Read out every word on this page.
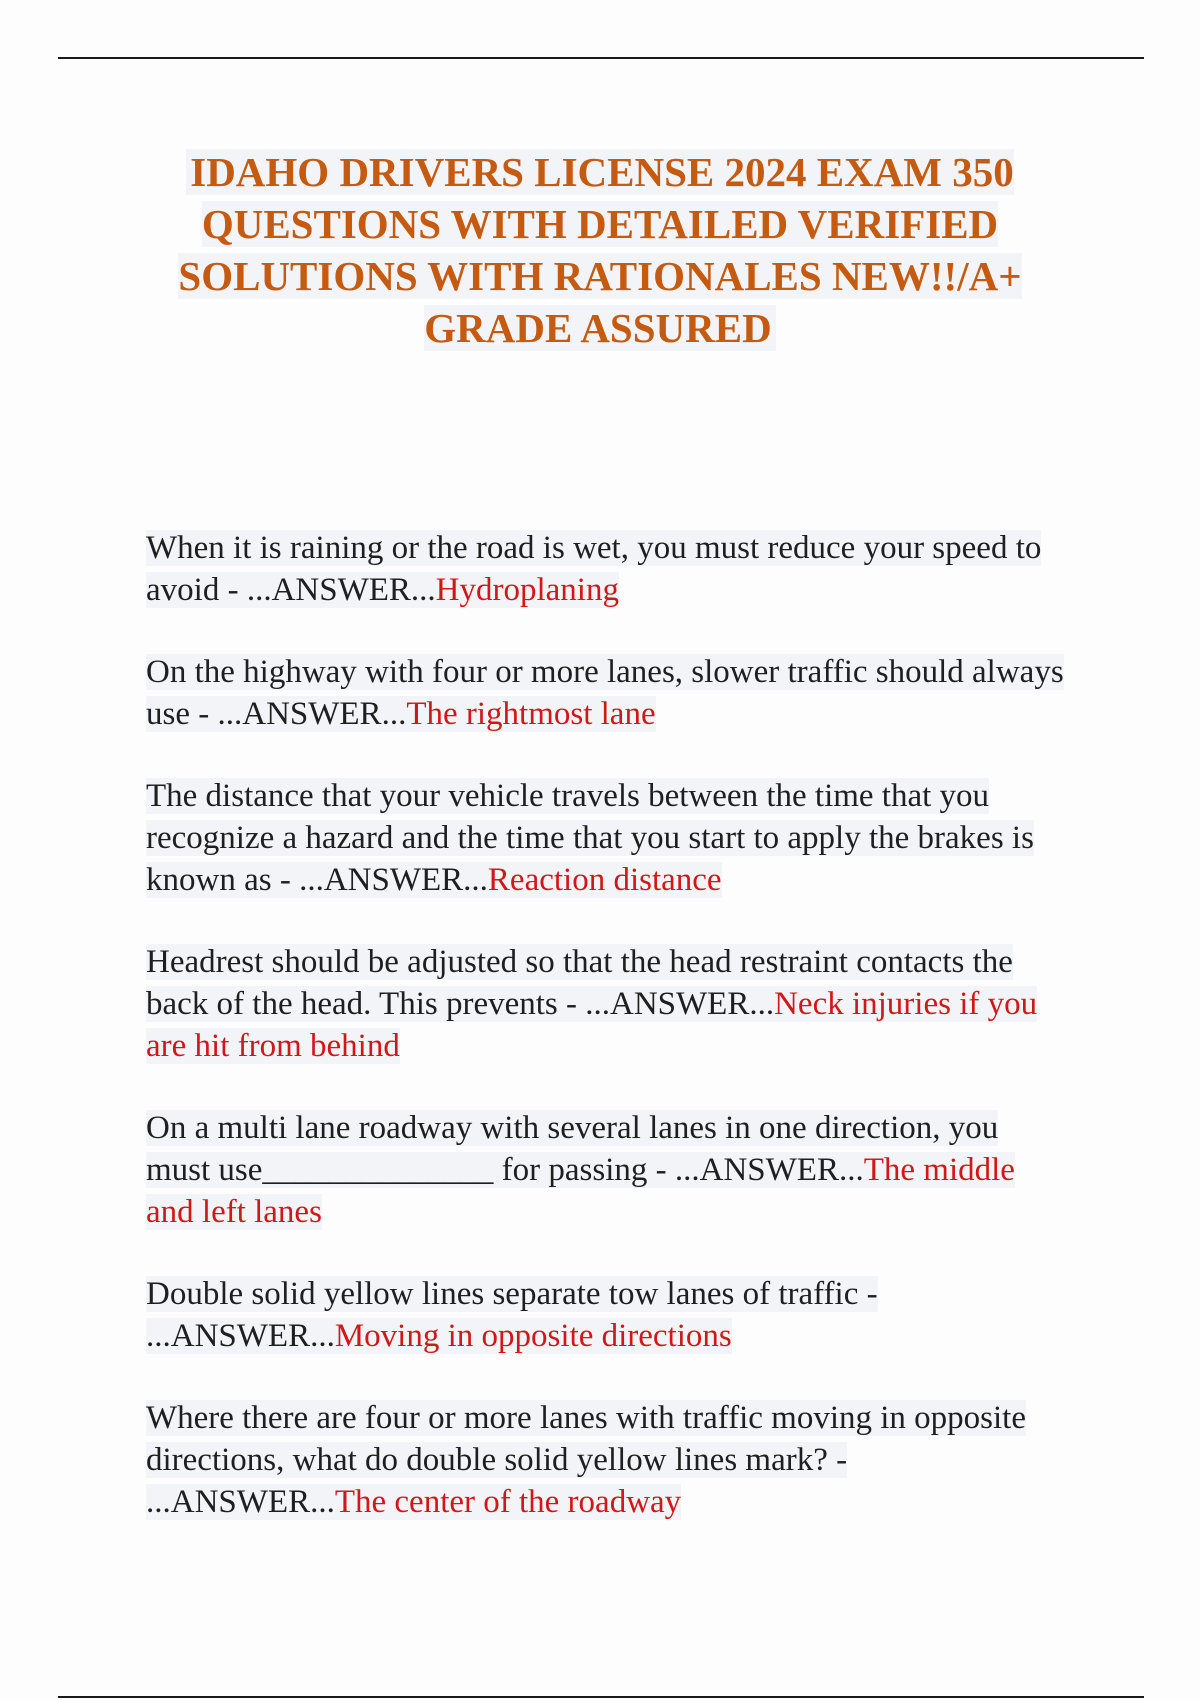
IDAHO DRIVERS LICENSE 2024 EXAM 350 QUESTIONS WITH DETAILED VERIFIED SOLUTIONS WITH RATIONALES NEW!!/A+ GRADE ASSURED

When it is raining or the road is wet, you must reduce your speed to avoid - ...ANSWER...Hydroplaning

On the highway with four or more lanes, slower traffic should always use - ...ANSWER...The rightmost lane

The distance that your vehicle travels between the time that you recognize a hazard and the time that you start to apply the brakes is known as - ...ANSWER...Reaction distance

Headrest should be adjusted so that the head restraint contacts the back of the head. This prevents - ...ANSWER...Neck injuries if you are hit from behind

On a multi lane roadway with several lanes in one direction, you must use______________ for passing - ...ANSWER...The middle and left lanes

Double solid yellow lines separate tow lanes of traffic - ...ANSWER...Moving in opposite directions

Where there are four or more lanes with traffic moving in opposite directions, what do double solid yellow lines mark? - ...ANSWER...The center of the roadway
